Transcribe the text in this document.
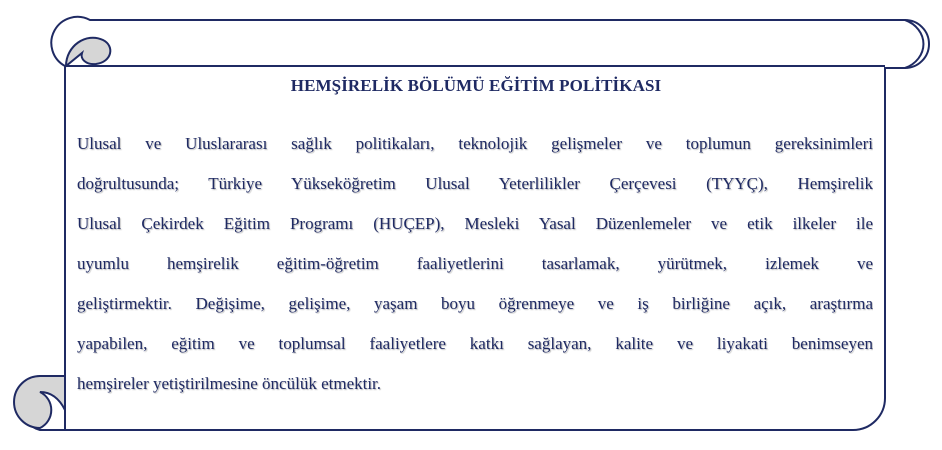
HEMŞİRELİK BÖLÜMÜ EĞİTİM POLİTİKASI
Ulusal ve Uluslararası sağlık politikaları, teknolojik gelişmeler ve toplumun gereksinimleri
doğrultusunda; Türkiye Yükseköğretim Ulusal Yeterlilikler Çerçevesi (TYYÇ), Hemşirelik
Ulusal Çekirdek Eğitim Programı (HUÇEP), Mesleki Yasal Düzenlemeler ve etik ilkeler ile
uyumlu hemşirelik eğitim-öğretim faaliyetlerini tasarlamak, yürütmek, izlemek ve
geliştirmektir. Değişime, gelişime, yaşam boyu öğrenmeye ve iş birliğine açık, araştırma
yapabilen, eğitim ve toplumsal faaliyetlere katkı sağlayan, kalite ve liyakati benimseyen
hemşireler yetiştirilmesine öncülük etmektir.
